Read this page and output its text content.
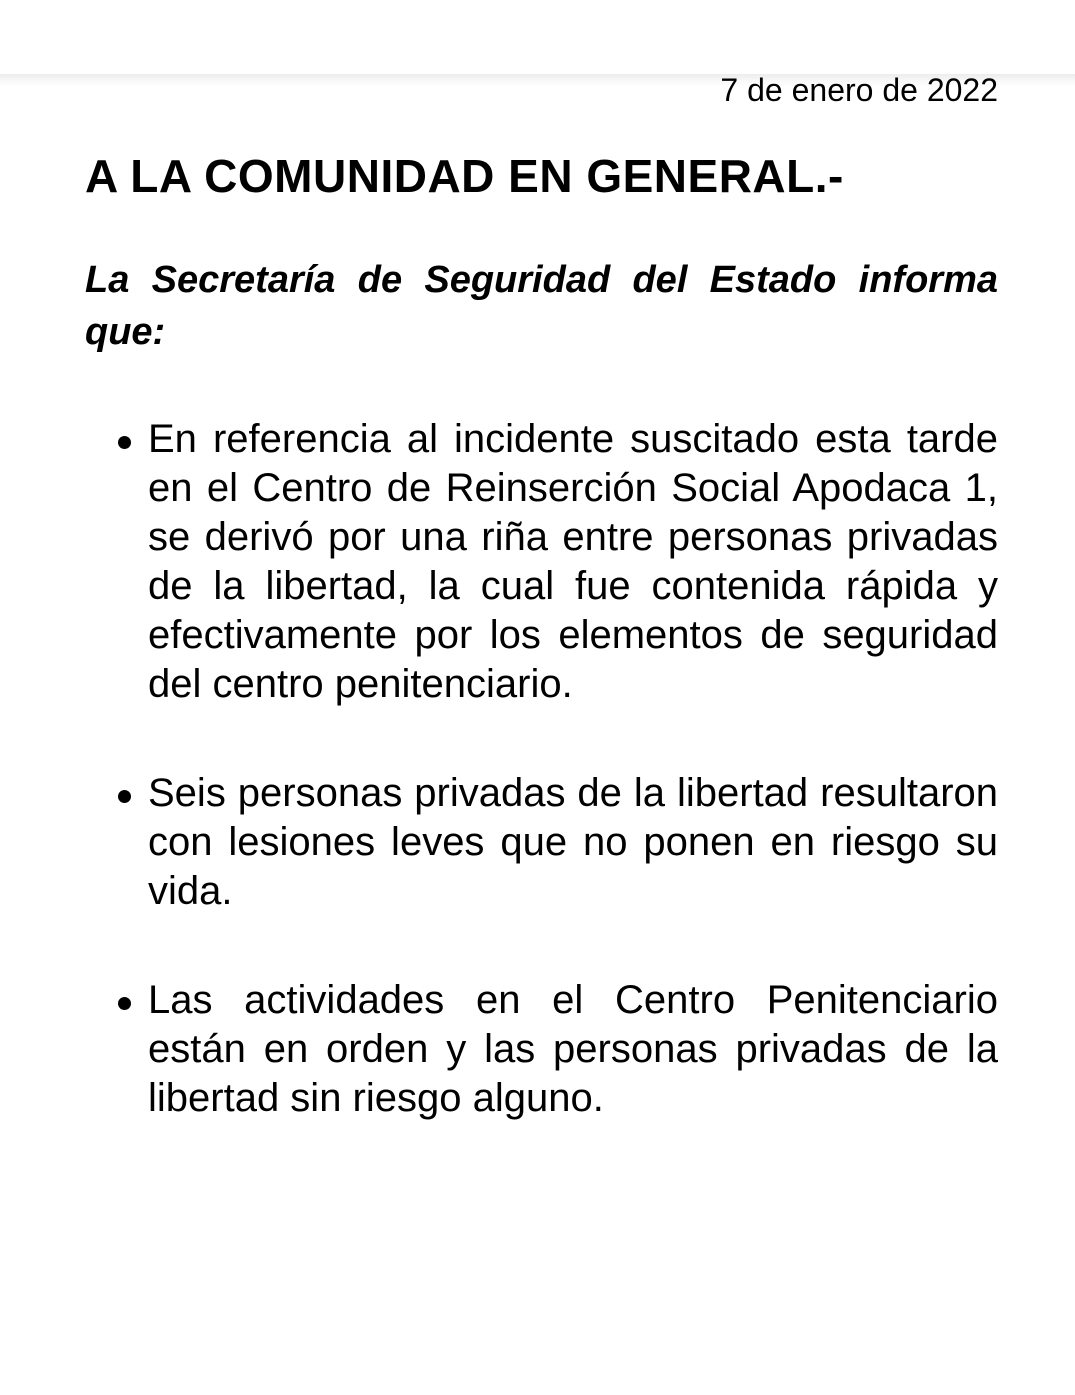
7 de enero de 2022
A LA COMUNIDAD EN GENERAL.-
La Secretaría de Seguridad del Estado informa
que:
En referencia al incidente suscitado esta tarde
en el Centro de Reinserción Social Apodaca 1,
se derivó por una riña entre personas privadas
de la libertad, la cual fue contenida rápida y
efectivamente por los elementos de seguridad
del centro penitenciario.
Seis personas privadas de la libertad resultaron
con lesiones leves que no ponen en riesgo su
vida.
Las actividades en el Centro Penitenciario
están en orden y las personas privadas de la
libertad sin riesgo alguno.
